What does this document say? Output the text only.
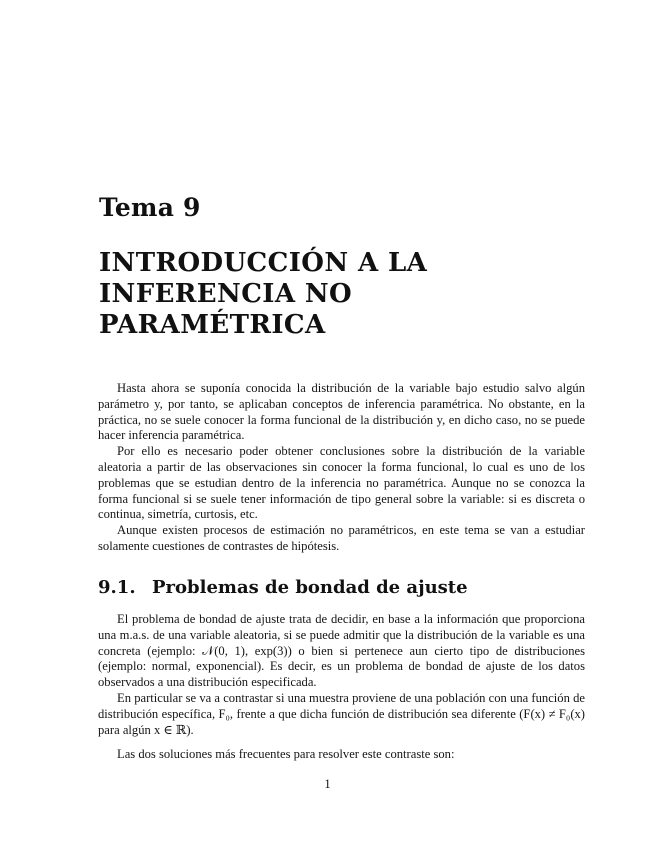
Tema 9
INTRODUCCIÓN A LA
INFERENCIA NO
PARAMÉTRICA

Hasta ahora se suponía conocida la distribución de la variable bajo estudio salvo algún parámetro y, por tanto, se aplicaban conceptos de inferencia paramétrica. No obstante, en la práctica, no se suele conocer la forma funcional de la distribución y, en dicho caso, no se puede hacer inferencia paramétrica.

Por ello es necesario poder obtener conclusiones sobre la distribución de la variable aleatoria a partir de las observaciones sin conocer la forma funcional, lo cual es uno de los problemas que se estudian dentro de la inferencia no paramétrica. Aunque no se conozca la forma funcional si se suele tener información de tipo general sobre la variable: si es discreta o continua, simetría, curtosis, etc.

Aunque existen procesos de estimación no paramétricos, en este tema se van a estudiar solamente cuestiones de contrastes de hipótesis.

9.1. Problemas de bondad de ajuste

El problema de bondad de ajuste trata de decidir, en base a la información que proporciona una m.a.s. de una variable aleatoria, si se puede admitir que la distribución de la variable es una concreta (ejemplo: 𝒩(0, 1), exp(3)) o bien si pertenece aun cierto tipo de distribuciones (ejemplo: normal, exponencial). Es decir, es un problema de bondad de ajuste de los datos observados a una distribución especificada.

En particular se va a contrastar si una muestra proviene de una población con una función de distribución específica, F₀, frente a que dicha función de distribución sea diferente (F(x) ≠ F₀(x) para algún x ∈ ℝ).

Las dos soluciones más frecuentes para resolver este contraste son:

1
